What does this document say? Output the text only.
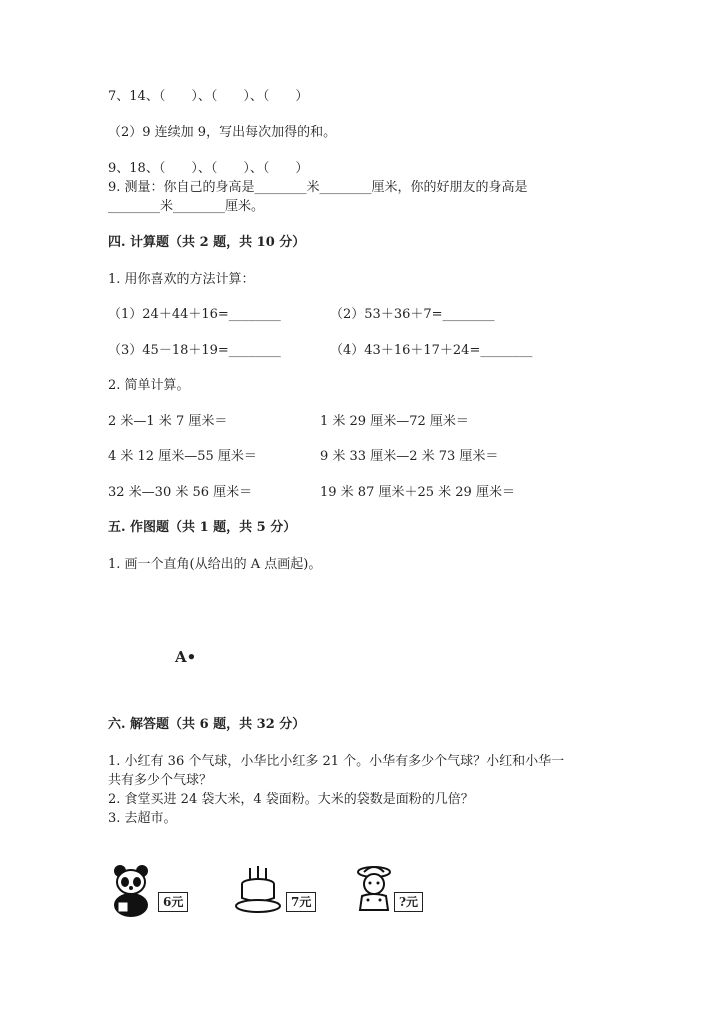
7、14、（　　）、（　　）、（　　）
（2）9 连续加 9，写出每次加得的和。
9、18、（　　）、（　　）、（　　）
9. 测量：你自己的身高是________米________厘米，你的好朋友的身高是
________米________厘米。
四. 计算题（共 2 题，共 10 分）
1. 用你喜欢的方法计算：
（1）24＋44＋16=________	（2）53＋36＋7=________
（3）45－18＋19=________	（4）43＋16＋17＋24=________
2. 简单计算。
2 米—1 米 7 厘米＝	1 米 29 厘米—72 厘米＝
4 米 12 厘米—55 厘米＝	9 米 33 厘米—2 米 73 厘米＝
32 米—30 米 56 厘米＝	19 米 87 厘米＋25 米 29 厘米＝
五. 作图题（共 1 题，共 5 分）
1. 画一个直角(从给出的 A 点画起)。
A•
六. 解答题（共 6 题，共 32 分）
1. 小红有 36 个气球，小华比小红多 21 个。小华有多少个气球？小红和小华一
共有多少个气球？
2. 食堂买进 24 袋大米，4 袋面粉。大米的袋数是面粉的几倍？
3. 去超市。
6元	7元	?元
